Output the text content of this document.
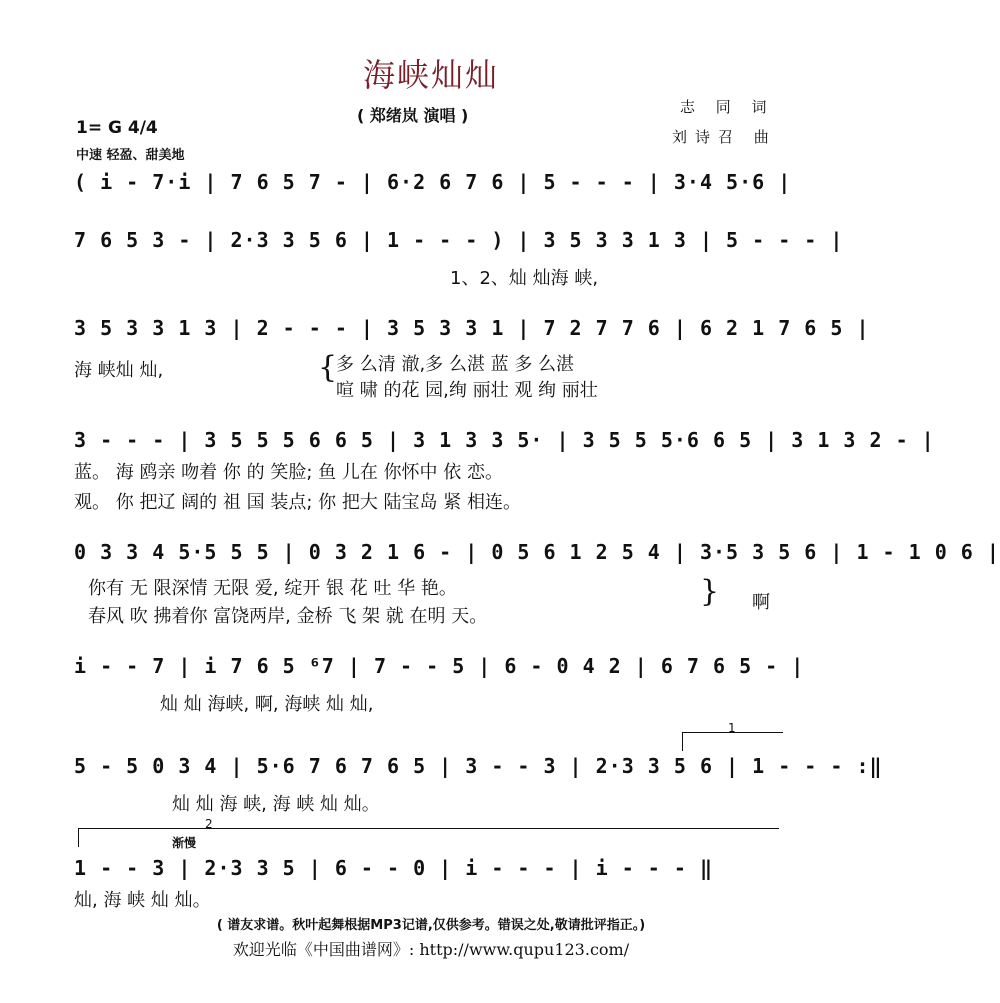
海峡灿灿
( 郑绪岚 演唱 )	志 同 词
刘诗召 曲
1= G 4/4
中速 轻盈、甜美地
( i - 7·i | 7 6 5 7 - | 6·2 6 7 6 | 5 - - - | 3·4 5·6 |
7 6 5 3 - | 2·3 3 5 6 | 1 - - - ) | 3 5 3 3 1 3 | 5 - - - |
1、2、灿 灿海 峡,
3 5 3 3 1 3 | 2 - - - | 3 5 3 3 1 | 7 2 7 7 6 | 6 2 1 7 6 5 |
海 峡灿 灿,	{
多 么清 澈,多 么湛 蓝 多 么湛
喧 啸 的花 园,绚 丽壮 观 绚 丽壮
3 - - - | 3 5 5 5 6 6 5 | 3 1 3 3 5· | 3 5 5 5·6 6 5 | 3 1 3 2 - |
蓝。 海 鸥亲 吻着 你 的 笑脸; 鱼 儿在 你怀中 依 恋。
观。 你 把辽 阔的 祖 国 装点; 你 把大 陆宝岛 紧 相连。
0 3 3 4 5·5 5 5 | 0 3 2 1 6 - | 0 5 6 1 2 5 4 | 3·5 3 5 6 | 1 - 1 0 6 |
你有 无 限深情 无限 爱, 绽开 银 花 吐 华 艳。
春风 吹 拂着你 富饶两岸, 金桥 飞 架 就 在明 天。
} 啊
i - - 7 | i 7 6 5 ⁶7 | 7 - - 5 | 6 - 0 4 2 | 6 7 6 5 - |
灿 灿 海峡, 啊, 海峡 灿 灿,
1
5 - 5 0 3 4 | 5·6 7 6 7 6 5 | 3 - - 3 | 2·3 3 5 6 | 1 - - - :‖
灿 灿 海 峡, 海 峡 灿 灿。
2
渐慢
1 - - 3 | 2·3 3 5 | 6 - - 0 | i - - - | i - - - ‖
灿, 海 峡 灿 灿。
( 谱友求谱。秋叶起舞根据MP3记谱,仅供参考。错误之处,敬请批评指正。)
欢迎光临《中国曲谱网》: http://www.qupu123.com/
